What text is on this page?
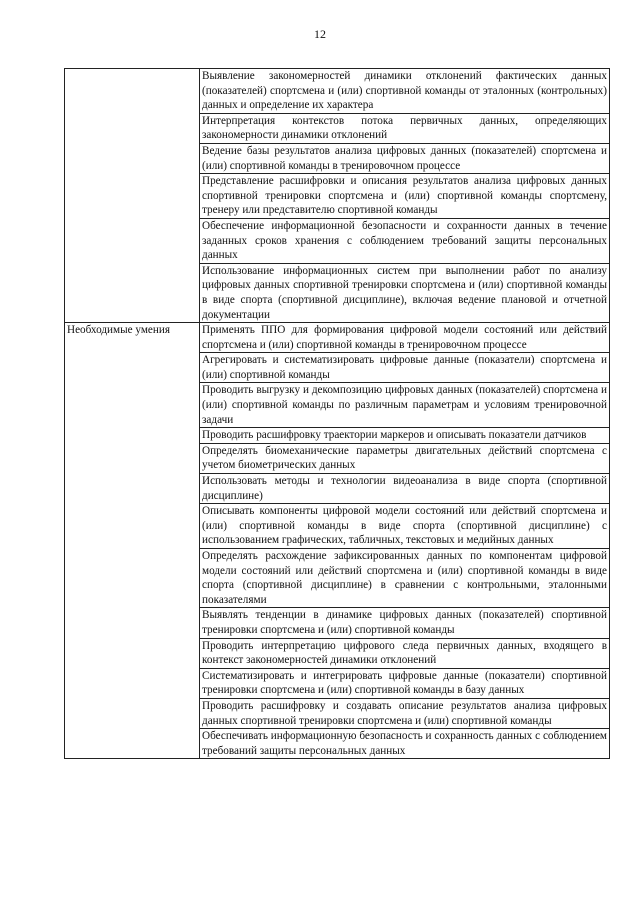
12

	Выявление закономерностей динамики отклонений фактических данных (показателей) спортсмена и (или) спортивной команды от эталонных (контрольных) данных и определение их характера

	Интерпретация контекстов потока первичных данных, определяющих закономерности динамики отклонений

	Ведение базы результатов анализа цифровых данных (показателей) спортсмена и (или) спортивной команды в тренировочном процессе

	Представление расшифровки и описания результатов анализа цифровых данных спортивной тренировки спортсмена и (или) спортивной команды спортсмену, тренеру или представителю спортивной команды

	Обеспечение информационной безопасности и сохранности данных в течение заданных сроков хранения с соблюдением требований защиты персональных данных

	Использование информационных систем при выполнении работ по анализу цифровых данных спортивной тренировки спортсмена и (или) спортивной команды в виде спорта (спортивной дисциплине), включая ведение плановой и отчетной документации

Необходимые умения	Применять ППО для формирования цифровой модели состояний или действий спортсмена и (или) спортивной команды в тренировочном процессе

	Агрегировать и систематизировать цифровые данные (показатели) спортсмена и (или) спортивной команды

	Проводить выгрузку и декомпозицию цифровых данных (показателей) спортсмена и (или) спортивной команды по различным параметрам и условиям тренировочной задачи

	Проводить расшифровку траектории маркеров и описывать показатели датчиков

	Определять биомеханические параметры двигательных действий спортсмена с учетом биометрических данных

	Использовать методы и технологии видеоанализа в виде спорта (спортивной дисциплине)

	Описывать компоненты цифровой модели состояний или действий спортсмена и (или) спортивной команды в виде спорта (спортивной дисциплине) с использованием графических, табличных, текстовых и медийных данных

	Определять расхождение зафиксированных данных по компонентам цифровой модели состояний или действий спортсмена и (или) спортивной команды в виде спорта (спортивной дисциплине) в сравнении с контрольными, эталонными показателями

	Выявлять тенденции в динамике цифровых данных (показателей) спортивной тренировки спортсмена и (или) спортивной команды

	Проводить интерпретацию цифрового следа первичных данных, входящего в контекст закономерностей динамики отклонений

	Систематизировать и интегрировать цифровые данные (показатели) спортивной тренировки спортсмена и (или) спортивной команды в базу данных

	Проводить расшифровку и создавать описание результатов анализа цифровых данных спортивной тренировки спортсмена и (или) спортивной команды

	Обеспечивать информационную безопасность и сохранность данных с соблюдением требований защиты персональных данных
